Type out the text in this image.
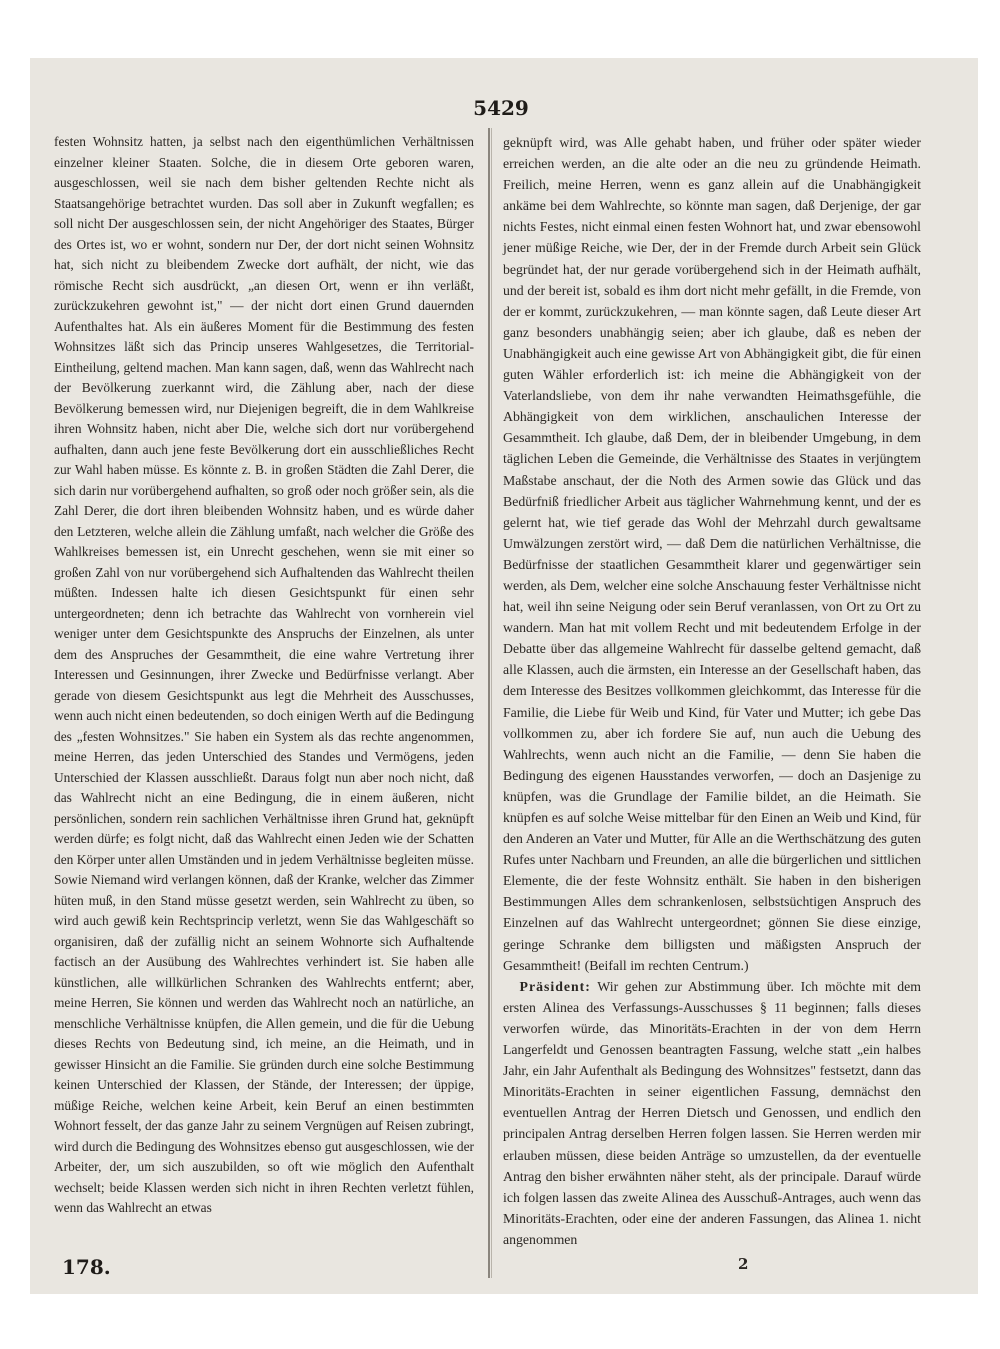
5429

festen Wohnsitz hatten, ja selbst nach den eigenthümlichen Verhältnissen einzelner kleiner Staaten. Solche, die in diesem Orte geboren waren, ausgeschlossen, weil sie nach dem bisher geltenden Rechte nicht als Staatsangehörige betrachtet wurden. Das soll aber in Zukunft wegfallen; es soll nicht Der ausgeschlossen sein, der nicht Angehöriger des Staates, Bürger des Ortes ist, wo er wohnt, sondern nur Der, der dort nicht seinen Wohnsitz hat, sich nicht zu bleibendem Zwecke dort aufhält, der nicht, wie das römische Recht sich ausdrückt, „an diesen Ort, wenn er ihn verläßt, zurückzukehren gewohnt ist," — der nicht dort einen Grund dauernden Aufenthaltes hat. Als ein äußeres Moment für die Bestimmung des festen Wohnsitzes läßt sich das Princip unseres Wahlgesetzes, die Territorial-Eintheilung, geltend machen. Man kann sagen, daß, wenn das Wahlrecht nach der Bevölkerung zuerkannt wird, die Zählung aber, nach der diese Bevölkerung bemessen wird, nur Diejenigen begreift, die in dem Wahlkreise ihren Wohnsitz haben, nicht aber Die, welche sich dort nur vorübergehend aufhalten, dann auch jene feste Bevölkerung dort ein ausschließliches Recht zur Wahl haben müsse. Es könnte z. B. in großen Städten die Zahl Derer, die sich darin nur vorübergehend aufhalten, so groß oder noch größer sein, als die Zahl Derer, die dort ihren bleibenden Wohnsitz haben, und es würde daher den Letzteren, welche allein die Zählung umfaßt, nach welcher die Größe des Wahlkreises bemessen ist, ein Unrecht geschehen, wenn sie mit einer so großen Zahl von nur vorübergehend sich Aufhaltenden das Wahlrecht theilen müßten. Indessen halte ich diesen Gesichtspunkt für einen sehr untergeordneten; denn ich betrachte das Wahlrecht von vornherein viel weniger unter dem Gesichtspunkte des Anspruchs der Einzelnen, als unter dem des Anspruches der Gesammtheit, die eine wahre Vertretung ihrer Interessen und Gesinnungen, ihrer Zwecke und Bedürfnisse verlangt. Aber gerade von diesem Gesichtspunkt aus legt die Mehrheit des Ausschusses, wenn auch nicht einen bedeutenden, so doch einigen Werth auf die Bedingung des „festen Wohnsitzes." Sie haben ein System als das rechte angenommen, meine Herren, das jeden Unterschied des Standes und Vermögens, jeden Unterschied der Klassen ausschließt. Daraus folgt nun aber noch nicht, daß das Wahlrecht nicht an eine Bedingung, die in einem äußeren, nicht persönlichen, sondern rein sachlichen Verhältnisse ihren Grund hat, geknüpft werden dürfe; es folgt nicht, daß das Wahlrecht einen Jeden wie der Schatten den Körper unter allen Umständen und in jedem Verhältnisse begleiten müsse. Sowie Niemand wird verlangen können, daß der Kranke, welcher das Zimmer hüten muß, in den Stand müsse gesetzt werden, sein Wahlrecht zu üben, so wird auch gewiß kein Rechtsprincip verletzt, wenn Sie das Wahlgeschäft so organisiren, daß der zufällig nicht an seinem Wohnorte sich Aufhaltende factisch an der Ausübung des Wahlrechtes verhindert ist. Sie haben alle künstlichen, alle willkürlichen Schranken des Wahlrechts entfernt; aber, meine Herren, Sie können und werden das Wahlrecht noch an natürliche, an menschliche Verhältnisse knüpfen, die Allen gemein, und die für die Uebung dieses Rechts von Bedeutung sind, ich meine, an die Heimath, und in gewisser Hinsicht an die Familie. Sie gründen durch eine solche Bestimmung keinen Unterschied der Klassen, der Stände, der Interessen; der üppige, müßige Reiche, welchen keine Arbeit, kein Beruf an einen bestimmten Wohnort fesselt, der das ganze Jahr zu seinem Vergnügen auf Reisen zubringt, wird durch die Bedingung des Wohnsitzes ebenso gut ausgeschlossen, wie der Arbeiter, der, um sich auszubilden, so oft wie möglich den Aufenthalt wechselt; beide Klassen werden sich nicht in ihren Rechten verletzt fühlen, wenn das Wahlrecht an etwas

geknüpft wird, was Alle gehabt haben, und früher oder später wieder erreichen werden, an die alte oder an die neu zu gründende Heimath. Freilich, meine Herren, wenn es ganz allein auf die Unabhängigkeit ankäme bei dem Wahlrechte, so könnte man sagen, daß Derjenige, der gar nichts Festes, nicht einmal einen festen Wohnort hat, und zwar ebensowohl jener müßige Reiche, wie Der, der in der Fremde durch Arbeit sein Glück begründet hat, der nur gerade vorübergehend sich in der Heimath aufhält, und der bereit ist, sobald es ihm dort nicht mehr gefällt, in die Fremde, von der er kommt, zurückzukehren, — man könnte sagen, daß Leute dieser Art ganz besonders unabhängig seien; aber ich glaube, daß es neben der Unabhängigkeit auch eine gewisse Art von Abhängigkeit gibt, die für einen guten Wähler erforderlich ist: ich meine die Abhängigkeit von der Vaterlandsliebe, von dem ihr nahe verwandten Heimathsgefühle, die Abhängigkeit von dem wirklichen, anschaulichen Interesse der Gesammtheit. Ich glaube, daß Dem, der in bleibender Umgebung, in dem täglichen Leben die Gemeinde, die Verhältnisse des Staates in verjüngtem Maßstabe anschaut, der die Noth des Armen sowie das Glück und das Bedürfniß friedlicher Arbeit aus täglicher Wahrnehmung kennt, und der es gelernt hat, wie tief gerade das Wohl der Mehrzahl durch gewaltsame Umwälzungen zerstört wird, — daß Dem die natürlichen Verhältnisse, die Bedürfnisse der staatlichen Gesammtheit klarer und gegenwärtiger sein werden, als Dem, welcher eine solche Anschauung fester Verhältnisse nicht hat, weil ihn seine Neigung oder sein Beruf veranlassen, von Ort zu Ort zu wandern. Man hat mit vollem Recht und mit bedeutendem Erfolge in der Debatte über das allgemeine Wahlrecht für dasselbe geltend gemacht, daß alle Klassen, auch die ärmsten, ein Interesse an der Gesellschaft haben, das dem Interesse des Besitzes vollkommen gleichkommt, das Interesse für die Familie, die Liebe für Weib und Kind, für Vater und Mutter; ich gebe Das vollkommen zu, aber ich fordere Sie auf, nun auch die Uebung des Wahlrechts, wenn auch nicht an die Familie, — denn Sie haben die Bedingung des eigenen Hausstandes verworfen, — doch an Dasjenige zu knüpfen, was die Grundlage der Familie bildet, an die Heimath. Sie knüpfen es auf solche Weise mittelbar für den Einen an Weib und Kind, für den Anderen an Vater und Mutter, für Alle an die Werthschätzung des guten Rufes unter Nachbarn und Freunden, an alle die bürgerlichen und sittlichen Elemente, die der feste Wohnsitz enthält. Sie haben in den bisherigen Bestimmungen Alles dem schrankenlosen, selbstsüchtigen Anspruch des Einzelnen auf das Wahlrecht untergeordnet; gönnen Sie diese einzige, geringe Schranke dem billigsten und mäßigsten Anspruch der Gesammtheit! (Beifall im rechten Centrum.)

Präsident: Wir gehen zur Abstimmung über. Ich möchte mit dem ersten Alinea des Verfassungs-Ausschusses § 11 beginnen; falls dieses verworfen würde, das Minoritäts-Erachten in der von dem Herrn Langerfeldt und Genossen beantragten Fassung, welche statt „ein halbes Jahr, ein Jahr Aufenthalt als Bedingung des Wohnsitzes" festsetzt, dann das Minoritäts-Erachten in seiner eigentlichen Fassung, demnächst den eventuellen Antrag der Herren Dietsch und Genossen, und endlich den principalen Antrag derselben Herren folgen lassen. Sie Herren werden mir erlauben müssen, diese beiden Anträge so umzustellen, da der eventuelle Antrag den bisher erwähnten näher steht, als der principale. Darauf würde ich folgen lassen das zweite Alinea des Ausschuß-Antrages, auch wenn das Minoritäts-Erachten, oder eine der anderen Fassungen, das Alinea 1. nicht angenommen

178.	2
